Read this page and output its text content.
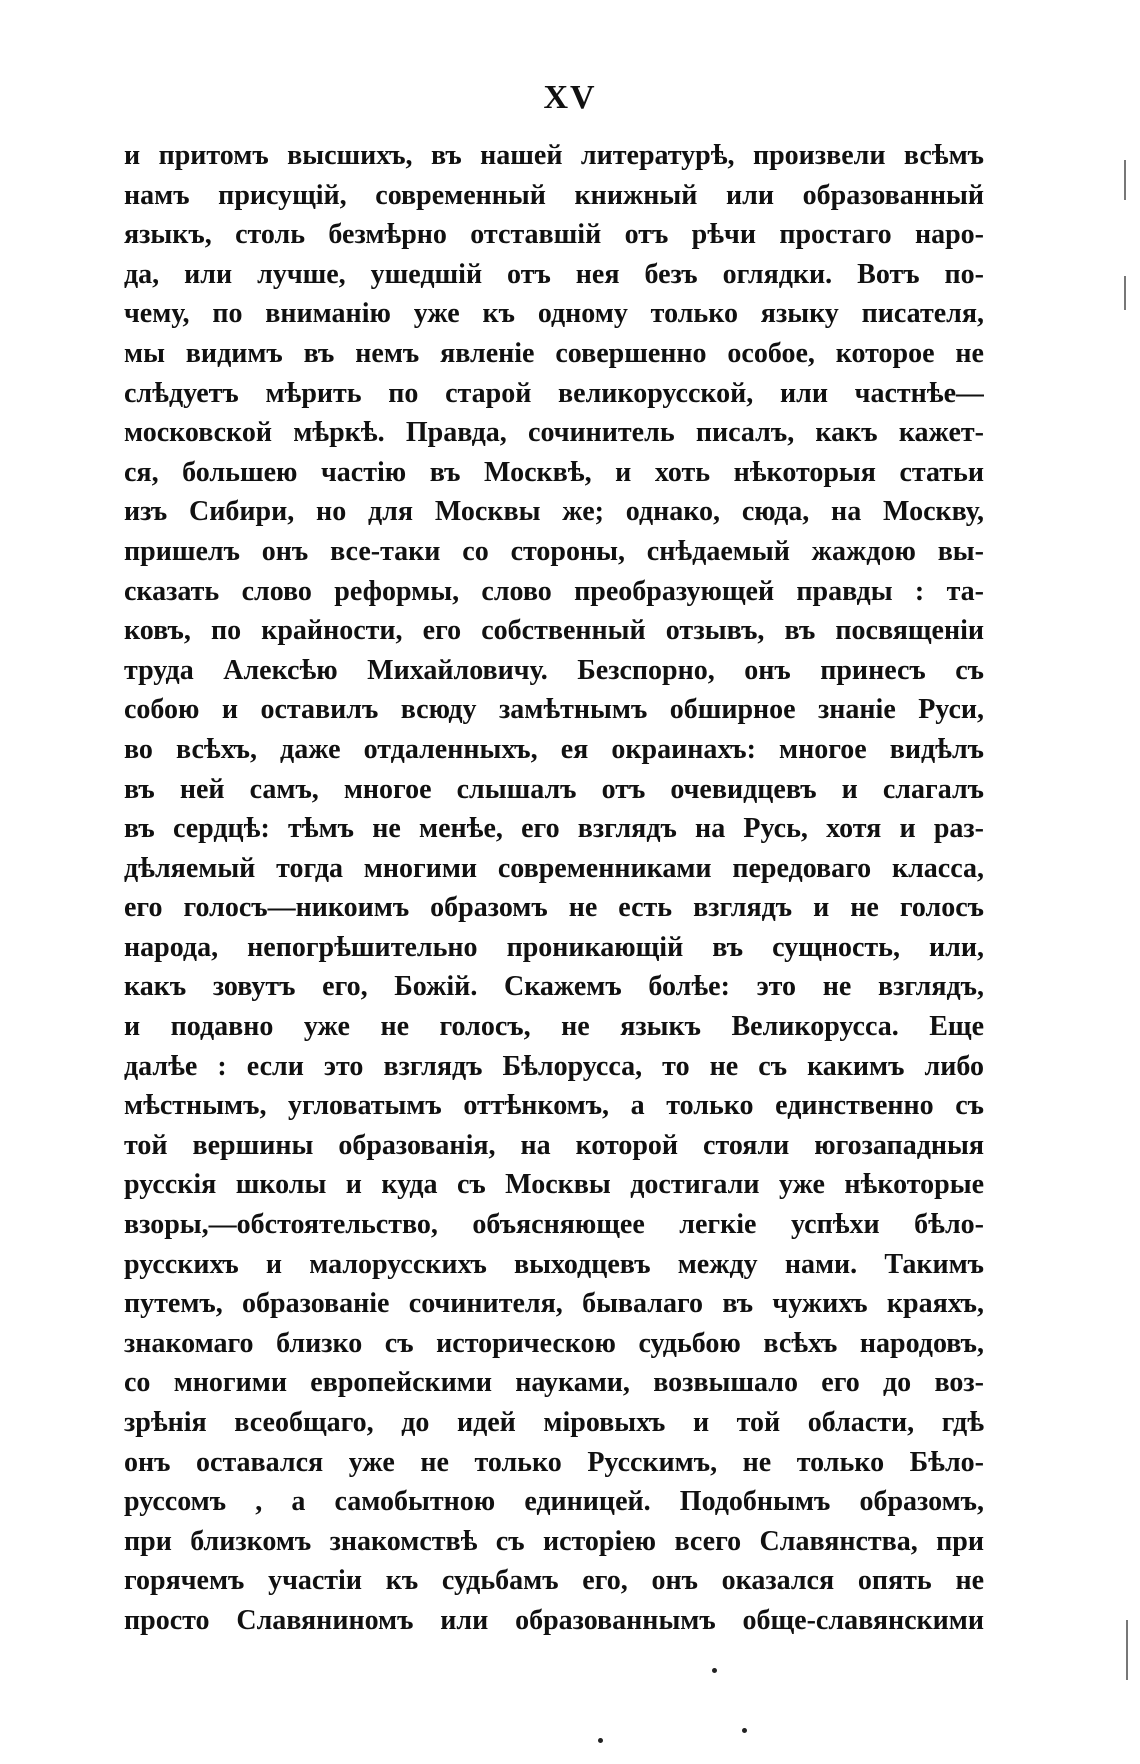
XV
и притомъ высшихъ, въ нашей литературѣ, произвели всѣмъ
намъ присущій, современный книжный или образованный
языкъ, столь безмѣрно отставшій отъ рѣчи простаго наро-
да, или лучше, ушедшій отъ нея безъ оглядки. Вотъ по-
чему, по вниманію уже къ одному только языку писателя,
мы видимъ въ немъ явленіе совершенно особое, которое не
слѣдуетъ мѣрить по старой великорусской, или частнѣе—
московской мѣркѣ. Правда, сочинитель писалъ, какъ кажет-
ся, большею частію въ Москвѣ, и хоть нѣкоторыя статьи
изъ Сибири, но для Москвы же; однако, сюда, на Москву,
пришелъ онъ все-таки со стороны, снѣдаемый жаждою вы-
сказать слово реформы, слово преобразующей правды : та-
ковъ, по крайности, его собственный отзывъ, въ посвященіи
труда Алексѣю Михайловичу. Безспорно, онъ принесъ съ
собою и оставилъ всюду замѣтнымъ обширное знаніе Руси,
во всѣхъ, даже отдаленныхъ, ея окраинахъ: многое видѣлъ
въ ней самъ, многое слышалъ отъ очевидцевъ и слагалъ
въ сердцѣ: тѣмъ не менѣе, его взглядъ на Русь, хотя и раз-
дѣляемый тогда многими современниками передоваго класса,
его голосъ—никоимъ образомъ не есть взглядъ и не голосъ
народа, непогрѣшительно проникающій въ сущность, или,
какъ зовутъ его, Божій. Скажемъ болѣе: это не взглядъ,
и подавно уже не голосъ, не языкъ Великорусса. Еще
далѣе : если это взглядъ Бѣлорусса, то не съ какимъ либо
мѣстнымъ, угловатымъ оттѣнкомъ, а только единственно съ
той вершины образованія, на которой стояли югозападныя
русскія школы и куда съ Москвы достигали уже нѣкоторые
взоры,—обстоятельство, объясняющее легкіе успѣхи бѣло-
русскихъ и малорусскихъ выходцевъ между нами. Такимъ
путемъ, образованіе сочинителя, бывалаго въ чужихъ краяхъ,
знакомаго близко съ историческою судьбою всѣхъ народовъ,
со многими европейскими науками, возвышало его до воз-
зрѣнія всеобщаго, до идей міровыхъ и той области, гдѣ
онъ оставался уже не только Русскимъ, не только Бѣло-
руссомъ , а самобытною единицей. Подобнымъ образомъ,
при близкомъ знакомствѣ съ исторіею всего Славянства, при
горячемъ участіи къ судьбамъ его, онъ оказался опять не
просто Славяниномъ или образованнымъ обще-славянскими
